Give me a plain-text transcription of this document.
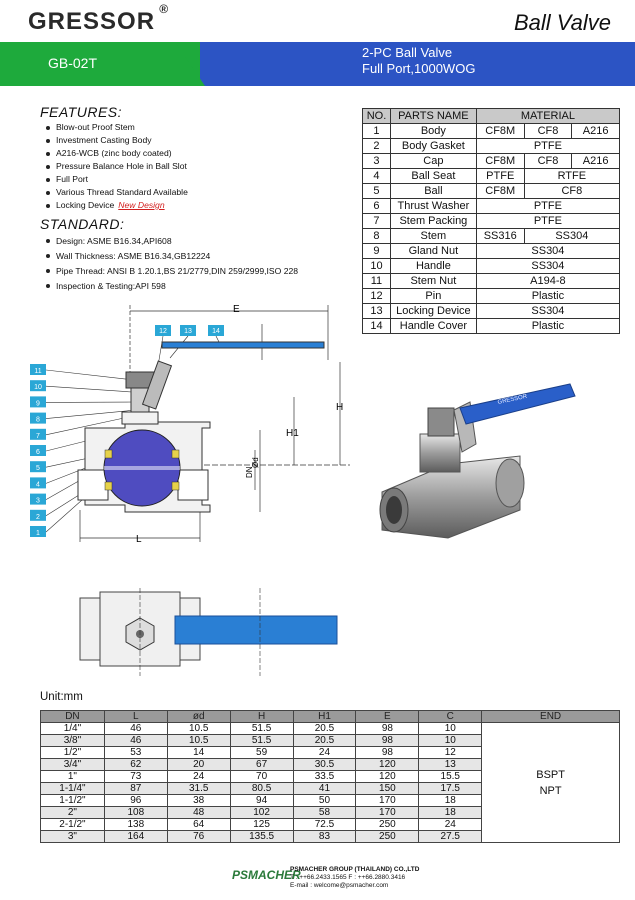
GRESSOR ®
Ball Valve
GB-02T
2-PC Ball Valve
Full Port,1000WOG
FEATURES:
Blow-out Proof Stem
Investment Casting Body
A216-WCB (zinc body coated)
Pressure Balance Hole in Ball Slot
Full Port
Various Thread Standard Available
Locking Device New Design
STANDARD:
Design: ASME B16.34,API608
Wall Thickness: ASME B16.34,GB12224
Pipe Thread: ANSI B 1.20.1,BS 21/2779,DIN 259/2999,ISO 228
Inspection & Testing:API 598
NO.	PARTS NAME	MATERIAL		
1	Body	CF8M	CF8	A216
2	Body Gasket	PTFE		
3	Cap	CF8M	CF8	A216
4	Ball Seat	PTFE	RTFE	
5	Ball	CF8M	CF8	
6	Thrust Washer	PTFE		
7	Stem Packing	PTFE		
8	Stem	SS316	SS304	
9	Gland Nut	SS304		
10	Handle	SS304		
11	Stem Nut	A194-8		
12	Pin	Plastic		
13	Locking Device	SS304		
14	Handle Cover	Plastic		
11
10
9
8
7
6
5
4
3
2
1
12 13	14
E
H
H1
Ød
DN
L
GRESSOR
Unit:mm
DN	L	ød	H	H1	E	C	END
1/4"	46	10.5	51.5	20.5	98	10	BSPT
NPT

3/8"	46	10.5	51.5	20.5	98	10	
1/2"	53	14	59	24	98	12	
3/4"	62	20	67	30.5	120	13	
1"	73	24	70	33.5	120	15.5	
1-1/4"	87	31.5	80.5	41	150	17.5	
1-1/2"	96	38	94	50	170	18	
2"	108	48	102	58	170	18	
2-1/2"	138	64	125	72.5	250	24	
3"	164	76	135.5	83	250	27.5	
PSMACHER
PSMACHER GROUP (THAILAND) CO.,LTD
T : ++66.2433.1565 F : ++66.2880.3416
E-mail : welcome@psmacher.com
